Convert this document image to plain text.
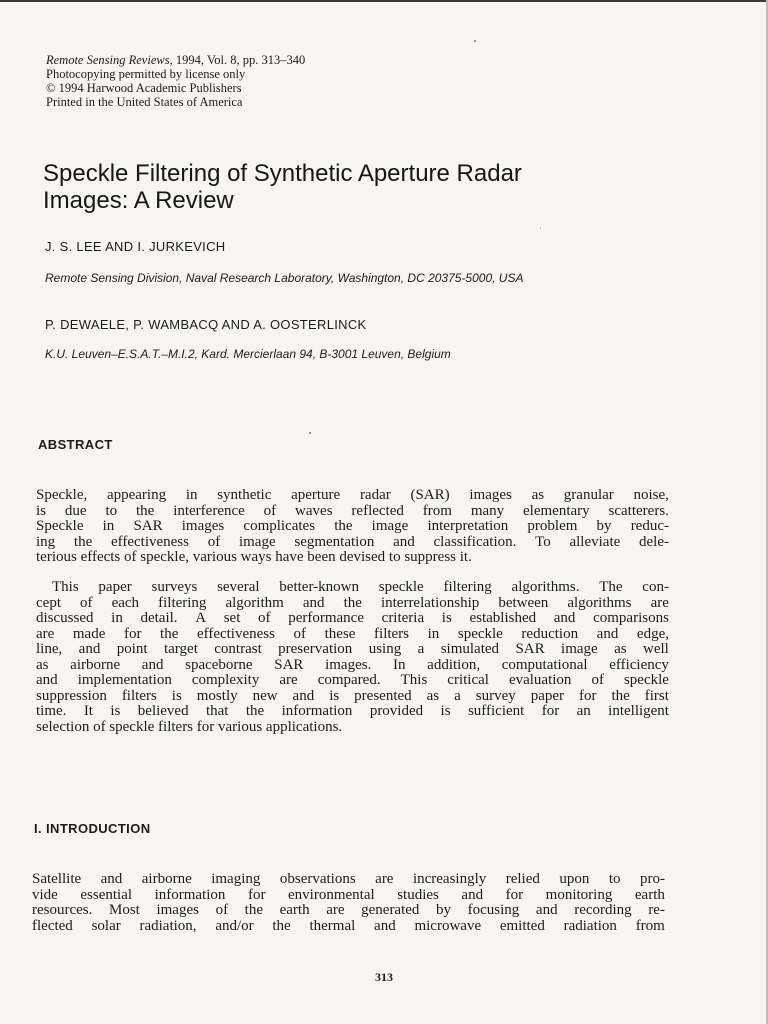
Remote Sensing Reviews, 1994, Vol. 8, pp. 313–340
Photocopying permitted by license only
© 1994 Harwood Academic Publishers
Printed in the United States of America
Speckle Filtering of Synthetic Aperture Radar
Images: A Review
J. S. LEE AND I. JURKEVICH
Remote Sensing Division, Naval Research Laboratory, Washington, DC 20375-5000, USA
P. DEWAELE, P. WAMBACQ AND A. OOSTERLINCK
K.U. Leuven–E.S.A.T.–M.I.2, Kard. Mercierlaan 94, B-3001 Leuven, Belgium
ABSTRACT
Speckle, appearing in synthetic aperture radar (SAR) images as granular noise,
is due to the interference of waves reflected from many elementary scatterers.
Speckle in SAR images complicates the image interpretation problem by reduc-
ing the effectiveness of image segmentation and classification. To alleviate dele-
terious effects of speckle, various ways have been devised to suppress it.
This paper surveys several better-known speckle filtering algorithms. The con-
cept of each filtering algorithm and the interrelationship between algorithms are
discussed in detail. A set of performance criteria is established and comparisons
are made for the effectiveness of these filters in speckle reduction and edge,
line, and point target contrast preservation using a simulated SAR image as well
as airborne and spaceborne SAR images. In addition, computational efficiency
and implementation complexity are compared. This critical evaluation of speckle
suppression filters is mostly new and is presented as a survey paper for the first
time. It is believed that the information provided is sufficient for an intelligent
selection of speckle filters for various applications.
I. INTRODUCTION
Satellite and airborne imaging observations are increasingly relied upon to pro-
vide essential information for environmental studies and for monitoring earth
resources. Most images of the earth are generated by focusing and recording re-
flected solar radiation, and/or the thermal and microwave emitted radiation from
313
